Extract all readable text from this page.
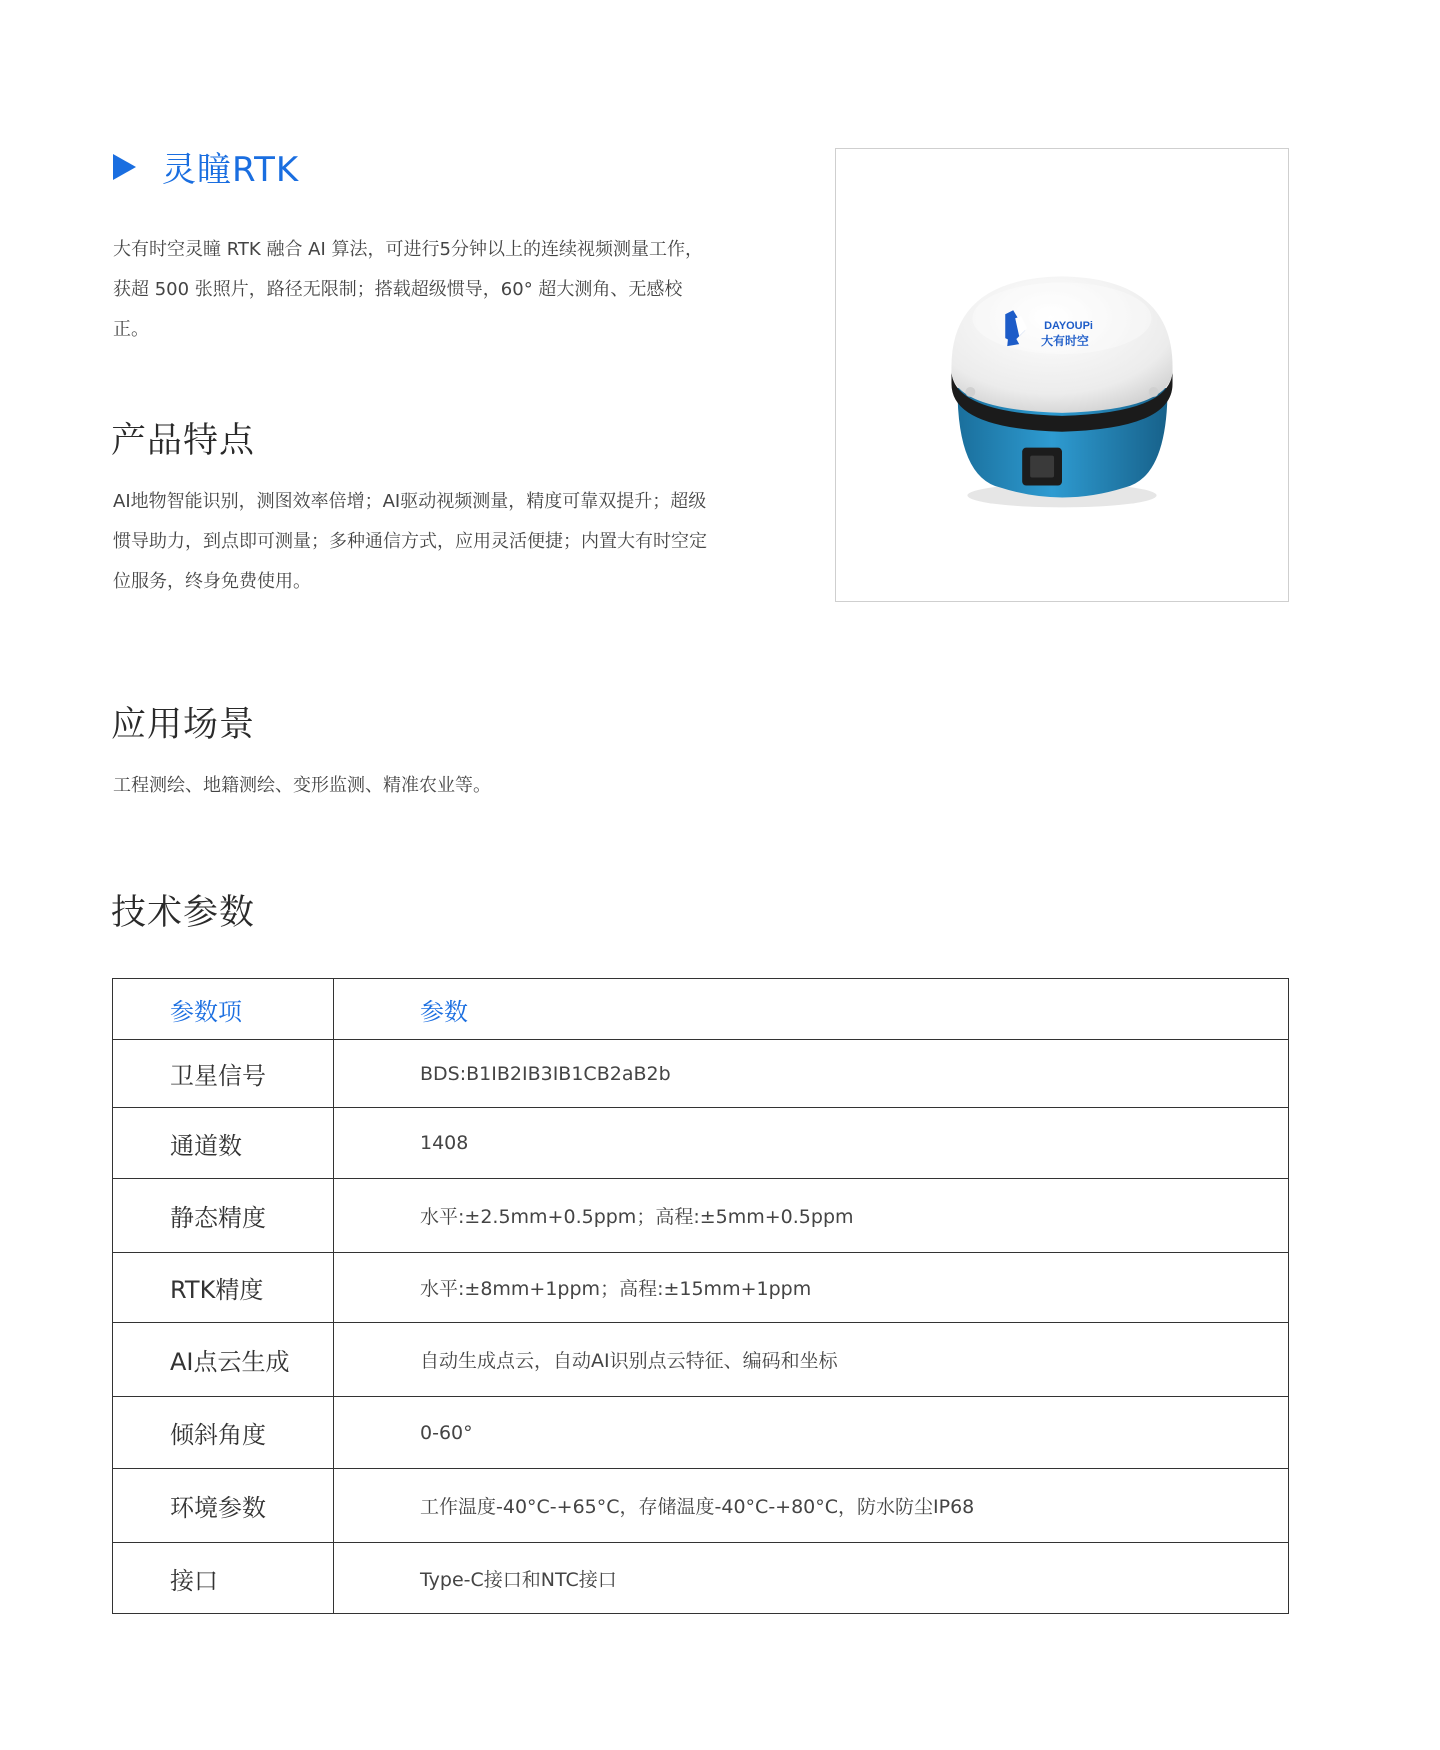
灵瞳RTK

大有时空灵瞳 RTK 融合 AI 算法，可进行5分钟以上的连续视频测量工作，获超 500 张照片，路径无限制；搭载超级惯导，60° 超大测角、无感校正。

产品特点

AI地物智能识别，测图效率倍增；AI驱动视频测量，精度可靠双提升；超级惯导助力，到点即可测量；多种通信方式，应用灵活便捷；内置大有时空定位服务，终身免费使用。

应用场景

工程测绘、地籍测绘、变形监测、精准农业等。

技术参数
DAYOUPi
大有时空
参数项	参数
卫星信号	BDS:B1IB2IB3IB1CB2aB2b
通道数	1408
静态精度	水平:±2.5mm+0.5ppm；高程:±5mm+0.5ppm
RTK精度	水平:±8mm+1ppm；高程:±15mm+1ppm
AI点云生成	自动生成点云，自动AI识别点云特征、编码和坐标
倾斜角度	0-60°
环境参数	工作温度-40°C-+65°C，存储温度-40°C-+80°C，防水防尘IP68
接口	Type-C接口和NTC接口
